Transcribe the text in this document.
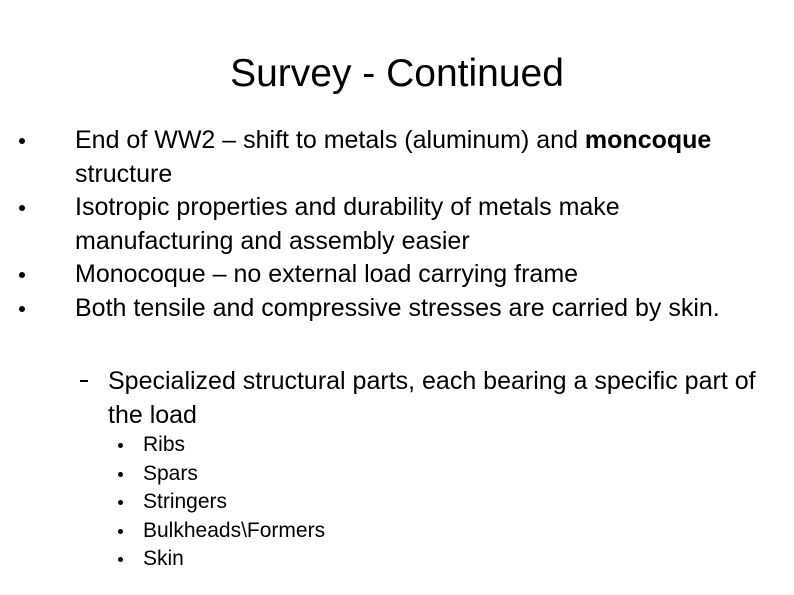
Survey - Continued
End of WW2 – shift to metals (aluminum) and moncoque structure
Isotropic properties and durability of metals make manufacturing and assembly easier
Monocoque – no external load carrying frame
Both tensile and compressive stresses are carried by skin.
Specialized structural parts, each bearing a specific part of the load
Ribs
Spars
Stringers
Bulkheads\Formers
Skin
